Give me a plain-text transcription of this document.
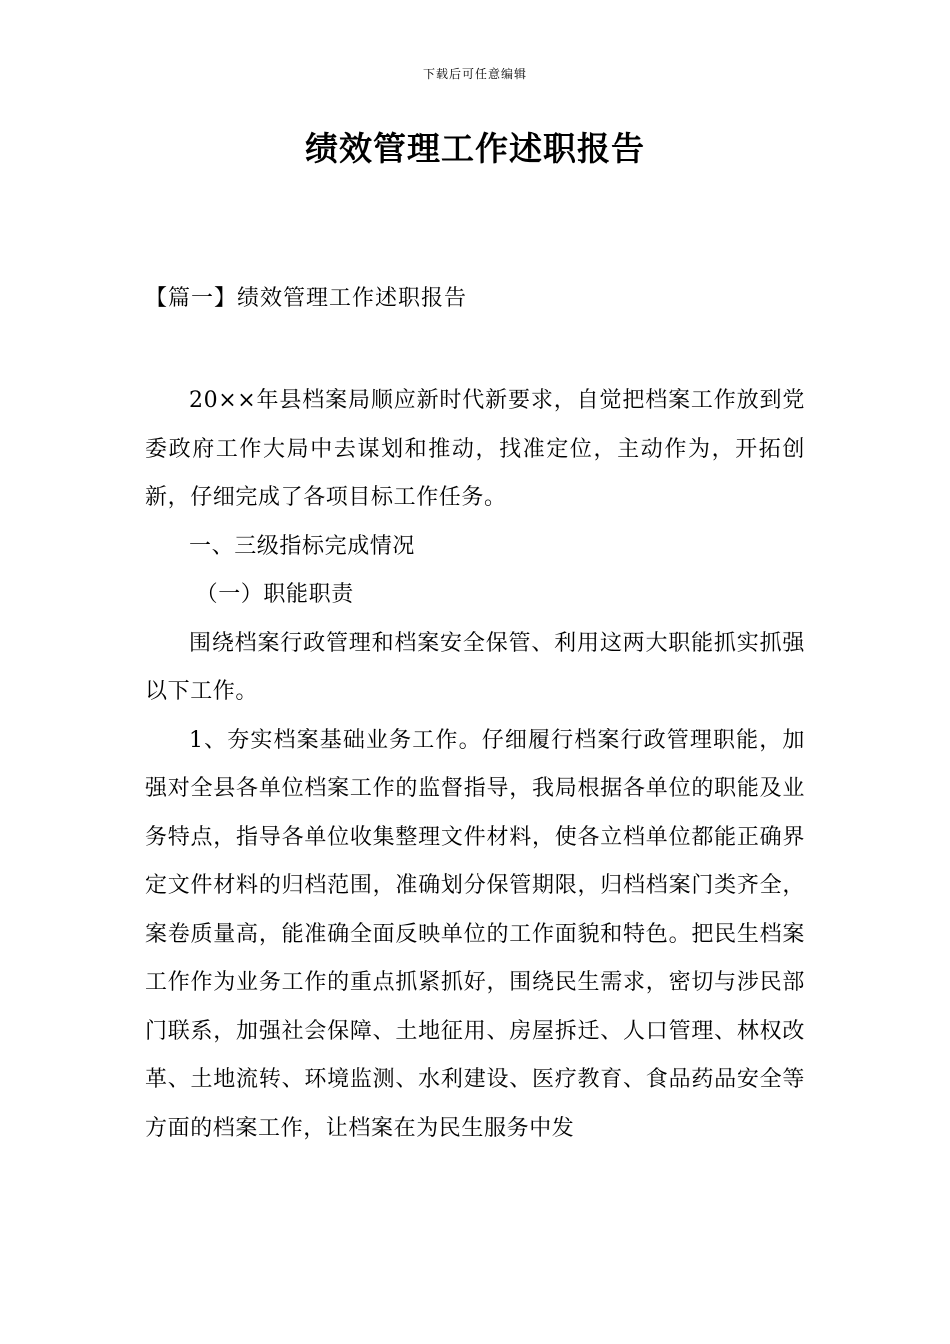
下载后可任意编辑
绩效管理工作述职报告
【篇一】绩效管理工作述职报告

20××年县档案局顺应新时代新要求，自觉把档案工作放到党委政府工作大局中去谋划和推动，找准定位，主动作为，开拓创新，仔细完成了各项目标工作任务。

一、三级指标完成情况

（一）职能职责

围绕档案行政管理和档案安全保管、利用这两大职能抓实抓强以下工作。

1、夯实档案基础业务工作。仔细履行档案行政管理职能，加强对全县各单位档案工作的监督指导，我局根据各单位的职能及业务特点，指导各单位收集整理文件材料，使各立档单位都能正确界定文件材料的归档范围，准确划分保管期限，归档档案门类齐全，案卷质量高，能准确全面反映单位的工作面貌和特色。把民生档案工作作为业务工作的重点抓紧抓好，围绕民生需求，密切与涉民部门联系，加强社会保障、土地征用、房屋拆迁、人口管理、林权改革、土地流转、环境监测、水利建设、医疗教育、食品药品安全等方面的档案工作，让档案在为民生服务中发
